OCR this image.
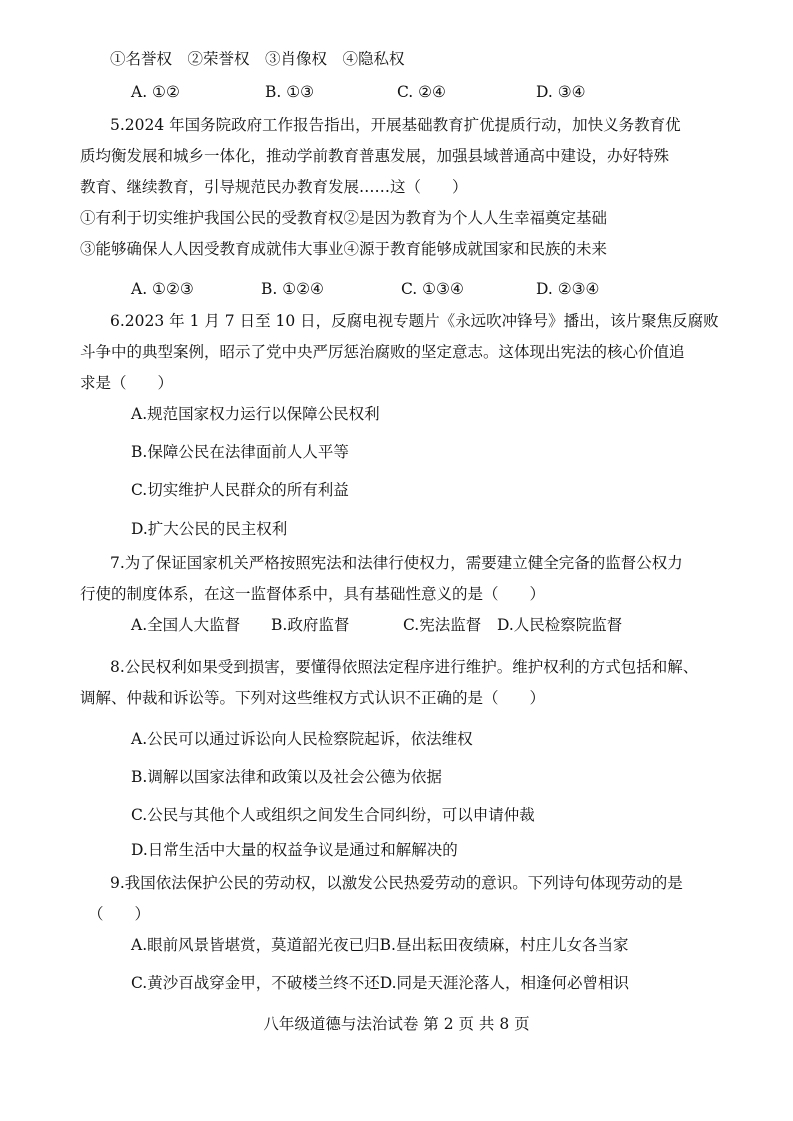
①名誉权　②荣誉权　③肖像权　④隐私权
A. ①②	B. ①③	C. ②④	D. ③④
5.2024 年国务院政府工作报告指出，开展基础教育扩优提质行动，加快义务教育优
质均衡发展和城乡一体化，推动学前教育普惠发展，加强县域普通高中建设，办好特殊
教育、继续教育，引导规范民办教育发展……这（　　）
①有利于切实维护我国公民的受教育权②是因为教育为个人人生幸福奠定基础
③能够确保人人因受教育成就伟大事业④源于教育能够成就国家和民族的未来
A. ①②③	B. ①②④	C. ①③④	D. ②③④
6.2023 年 1 月 7 日至 10 日，反腐电视专题片《永远吹冲锋号》播出，该片聚焦反腐败
斗争中的典型案例，昭示了党中央严厉惩治腐败的坚定意志。这体现出宪法的核心价值追
求是（　　）
A.规范国家权力运行以保障公民权利
B.保障公民在法律面前人人平等
C.切实维护人民群众的所有利益
D.扩大公民的民主权利
7.为了保证国家机关严格按照宪法和法律行使权力，需要建立健全完备的监督公权力
行使的制度体系，在这一监督体系中，具有基础性意义的是（　　）
A.全国人大监督 B.政府监督	C.宪法监督 D.人民检察院监督
8.公民权利如果受到损害，要懂得依照法定程序进行维护。维护权利的方式包括和解、
调解、仲裁和诉讼等。下列对这些维权方式认识不正确的是（　　）
A.公民可以通过诉讼向人民检察院起诉，依法维权
B.调解以国家法律和政策以及社会公德为依据
C.公民与其他个人或组织之间发生合同纠纷，可以申请仲裁
D.日常生活中大量的权益争议是通过和解解决的
9.我国依法保护公民的劳动权，以激发公民热爱劳动的意识。下列诗句体现劳动的是
（　　）
A.眼前风景皆堪赏，莫道韶光夜已归B.昼出耘田夜绩麻，村庄儿女各当家
C.黄沙百战穿金甲，不破楼兰终不还D.同是天涯沦落人，相逢何必曾相识
八年级道德与法治试卷 第 2 页 共 8 页
